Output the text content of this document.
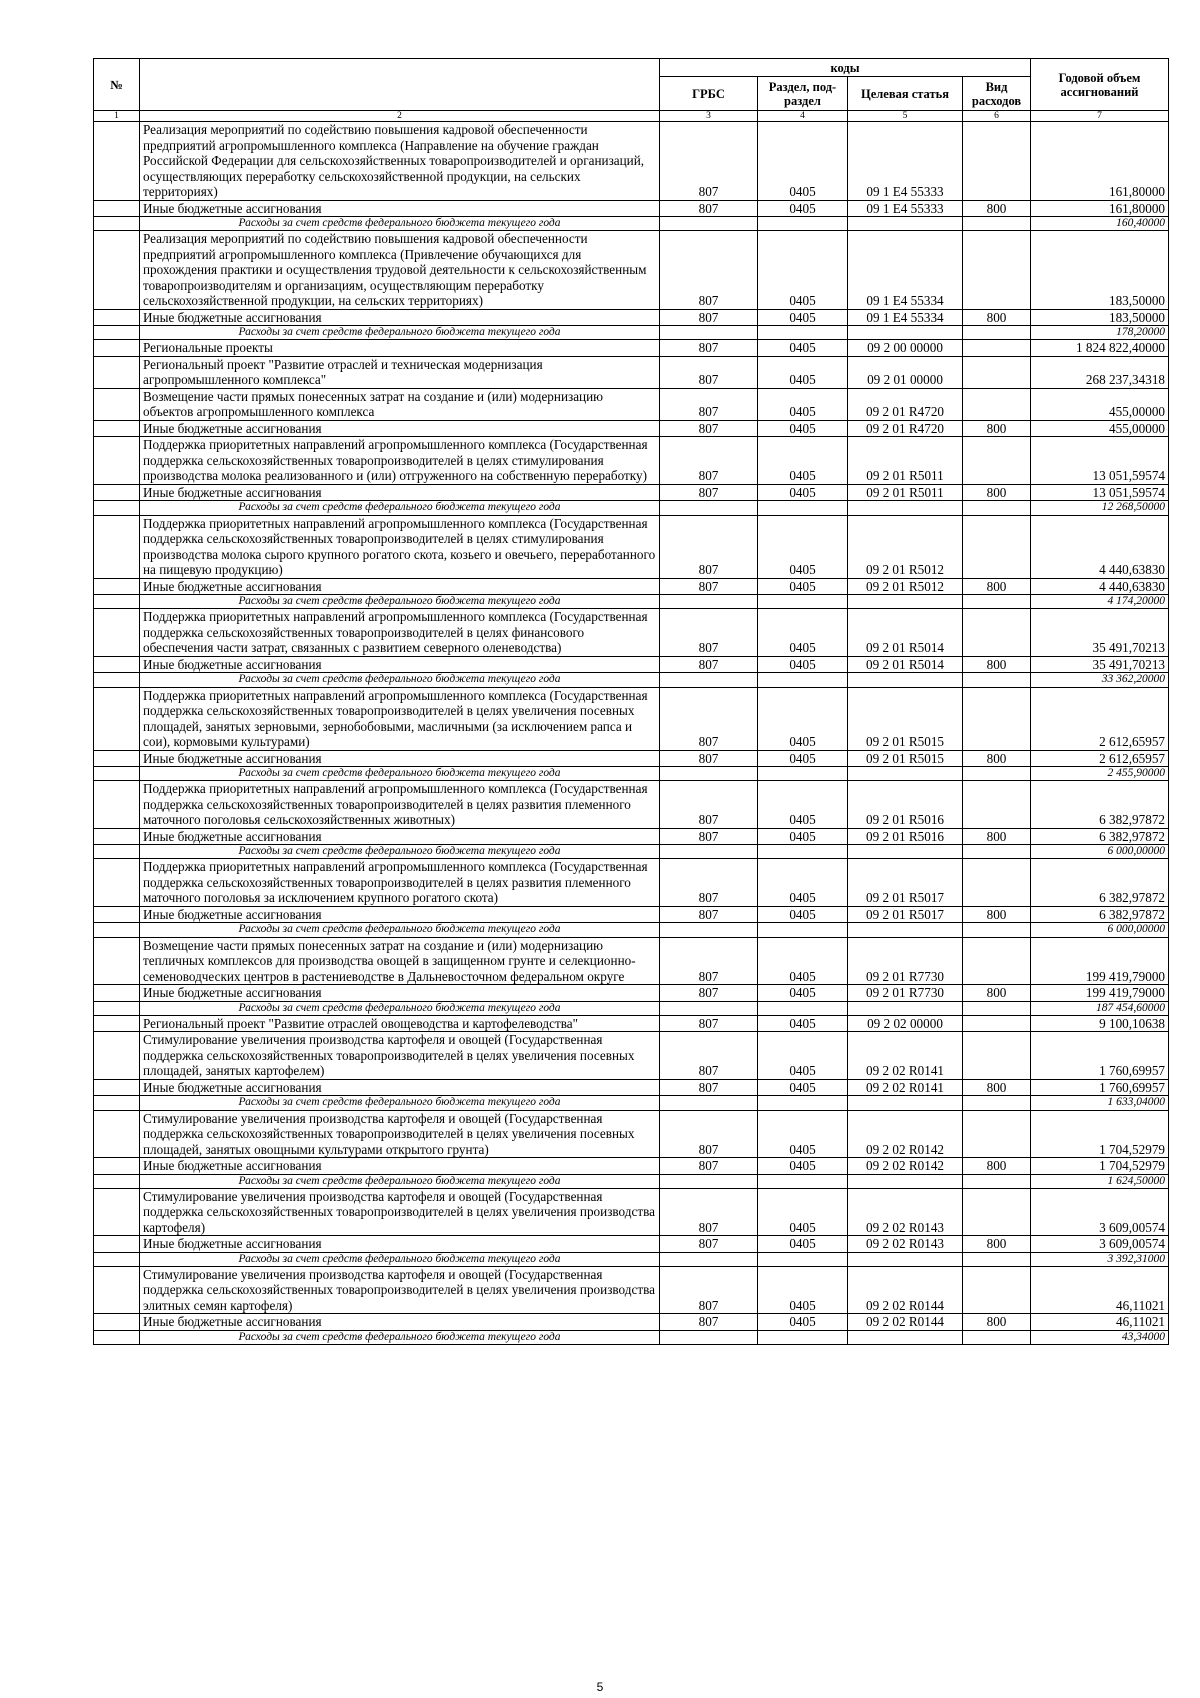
№		коды				Годовой объем ассигнований
		ГРБС	Раздел, под-раздел	Целевая статья	Вид расходов	
1	2	3	4	5	6	7
	Реализация мероприятий по содействию повышения кадровой обеспеченности предприятий агропромышленного комплекса (Направление на обучение граждан Российской Федерации для сельскохозяйственных товаропроизводителей и организаций, осуществляющих переработку сельскохозяйственной продукции, на сельских территориях)	807	0405	09 1 E4 55333		161,80000
	Иные бюджетные ассигнования	807	0405	09 1 E4 55333	800	161,80000
	Расходы за счет средств федерального бюджета текущего года					160,40000
	Реализация мероприятий по содействию повышения кадровой обеспеченности предприятий агропромышленного комплекса (Привлечение обучающихся для прохождения практики и осуществления трудовой деятельности к сельскохозяйственным товаропроизводителям и организациям, осуществляющим переработку сельскохозяйственной продукции, на сельских территориях)	807	0405	09 1 E4 55334		183,50000
	Иные бюджетные ассигнования	807	0405	09 1 E4 55334	800	183,50000
	Расходы за счет средств федерального бюджета текущего года					178,20000
	Региональные проекты	807	0405	09 2 00 00000		1 824 822,40000
	Региональный проект "Развитие отраслей и техническая модернизация агропромышленного комплекса"	807	0405	09 2 01 00000		268 237,34318
	Возмещение части прямых понесенных затрат на создание и (или) модернизацию объектов агропромышленного комплекса	807	0405	09 2 01 R4720		455,00000
	Иные бюджетные ассигнования	807	0405	09 2 01 R4720	800	455,00000
	Поддержка приоритетных направлений агропромышленного комплекса (Государственная поддержка сельскохозяйственных товаропроизводителей в целях стимулирования производства молока реализованного и (или) отгруженного на собственную переработку)	807	0405	09 2 01 R5011		13 051,59574
	Иные бюджетные ассигнования	807	0405	09 2 01 R5011	800	13 051,59574
	Расходы за счет средств федерального бюджета текущего года					12 268,50000
	Поддержка приоритетных направлений агропромышленного комплекса (Государственная поддержка сельскохозяйственных товаропроизводителей в целях стимулирования производства молока сырого крупного рогатого скота, козьего и овечьего, переработанного на пищевую продукцию)	807	0405	09 2 01 R5012		4 440,63830
	Иные бюджетные ассигнования	807	0405	09 2 01 R5012	800	4 440,63830
	Расходы за счет средств федерального бюджета текущего года					4 174,20000
	Поддержка приоритетных направлений агропромышленного комплекса (Государственная поддержка сельскохозяйственных товаропроизводителей в целях финансового обеспечения части затрат, связанных с развитием северного оленеводства)	807	0405	09 2 01 R5014		35 491,70213
	Иные бюджетные ассигнования	807	0405	09 2 01 R5014	800	35 491,70213
	Расходы за счет средств федерального бюджета текущего года					33 362,20000
	Поддержка приоритетных направлений агропромышленного комплекса (Государственная поддержка сельскохозяйственных товаропроизводителей в целях увеличения посевных площадей, занятых зерновыми, зернобобовыми, масличными (за исключением рапса и сои), кормовыми культурами)	807	0405	09 2 01 R5015		2 612,65957
	Иные бюджетные ассигнования	807	0405	09 2 01 R5015	800	2 612,65957
	Расходы за счет средств федерального бюджета текущего года					2 455,90000
	Поддержка приоритетных направлений агропромышленного комплекса (Государственная поддержка сельскохозяйственных товаропроизводителей в целях развития племенного маточного поголовья сельскохозяйственных животных)	807	0405	09 2 01 R5016		6 382,97872
	Иные бюджетные ассигнования	807	0405	09 2 01 R5016	800	6 382,97872
	Расходы за счет средств федерального бюджета текущего года					6 000,00000
	Поддержка приоритетных направлений агропромышленного комплекса (Государственная поддержка сельскохозяйственных товаропроизводителей в целях развития племенного маточного поголовья за исключением крупного рогатого скота)	807	0405	09 2 01 R5017		6 382,97872
	Иные бюджетные ассигнования	807	0405	09 2 01 R5017	800	6 382,97872
	Расходы за счет средств федерального бюджета текущего года					6 000,00000
	Возмещение части прямых понесенных затрат на создание и (или) модернизацию тепличных комплексов для производства овощей в защищенном грунте и селекционно-семеноводческих центров в растениеводстве в Дальневосточном федеральном округе	807	0405	09 2 01 R7730		199 419,79000
	Иные бюджетные ассигнования	807	0405	09 2 01 R7730	800	199 419,79000
	Расходы за счет средств федерального бюджета текущего года					187 454,60000
	Региональный проект "Развитие отраслей овощеводства и картофелеводства"	807	0405	09 2 02 00000		9 100,10638
	Стимулирование увеличения производства картофеля и овощей (Государственная поддержка сельскохозяйственных товаропроизводителей в целях увеличения посевных площадей, занятых картофелем)	807	0405	09 2 02 R0141		1 760,69957
	Иные бюджетные ассигнования	807	0405	09 2 02 R0141	800	1 760,69957
	Расходы за счет средств федерального бюджета текущего года					1 633,04000
	Стимулирование увеличения производства картофеля и овощей (Государственная поддержка сельскохозяйственных товаропроизводителей в целях увеличения посевных площадей, занятых овощными культурами открытого грунта)	807	0405	09 2 02 R0142		1 704,52979
	Иные бюджетные ассигнования	807	0405	09 2 02 R0142	800	1 704,52979
	Расходы за счет средств федерального бюджета текущего года					1 624,50000
	Стимулирование увеличения производства картофеля и овощей (Государственная поддержка сельскохозяйственных товаропроизводителей в целях увеличения производства картофеля)	807	0405	09 2 02 R0143		3 609,00574
	Иные бюджетные ассигнования	807	0405	09 2 02 R0143	800	3 609,00574
	Расходы за счет средств федерального бюджета текущего года					3 392,31000
	Стимулирование увеличения производства картофеля и овощей (Государственная поддержка сельскохозяйственных товаропроизводителей в целях увеличения производства элитных семян картофеля)	807	0405	09 2 02 R0144		46,11021
	Иные бюджетные ассигнования	807	0405	09 2 02 R0144	800	46,11021
	Расходы за счет средств федерального бюджета текущего года					43,34000
5
